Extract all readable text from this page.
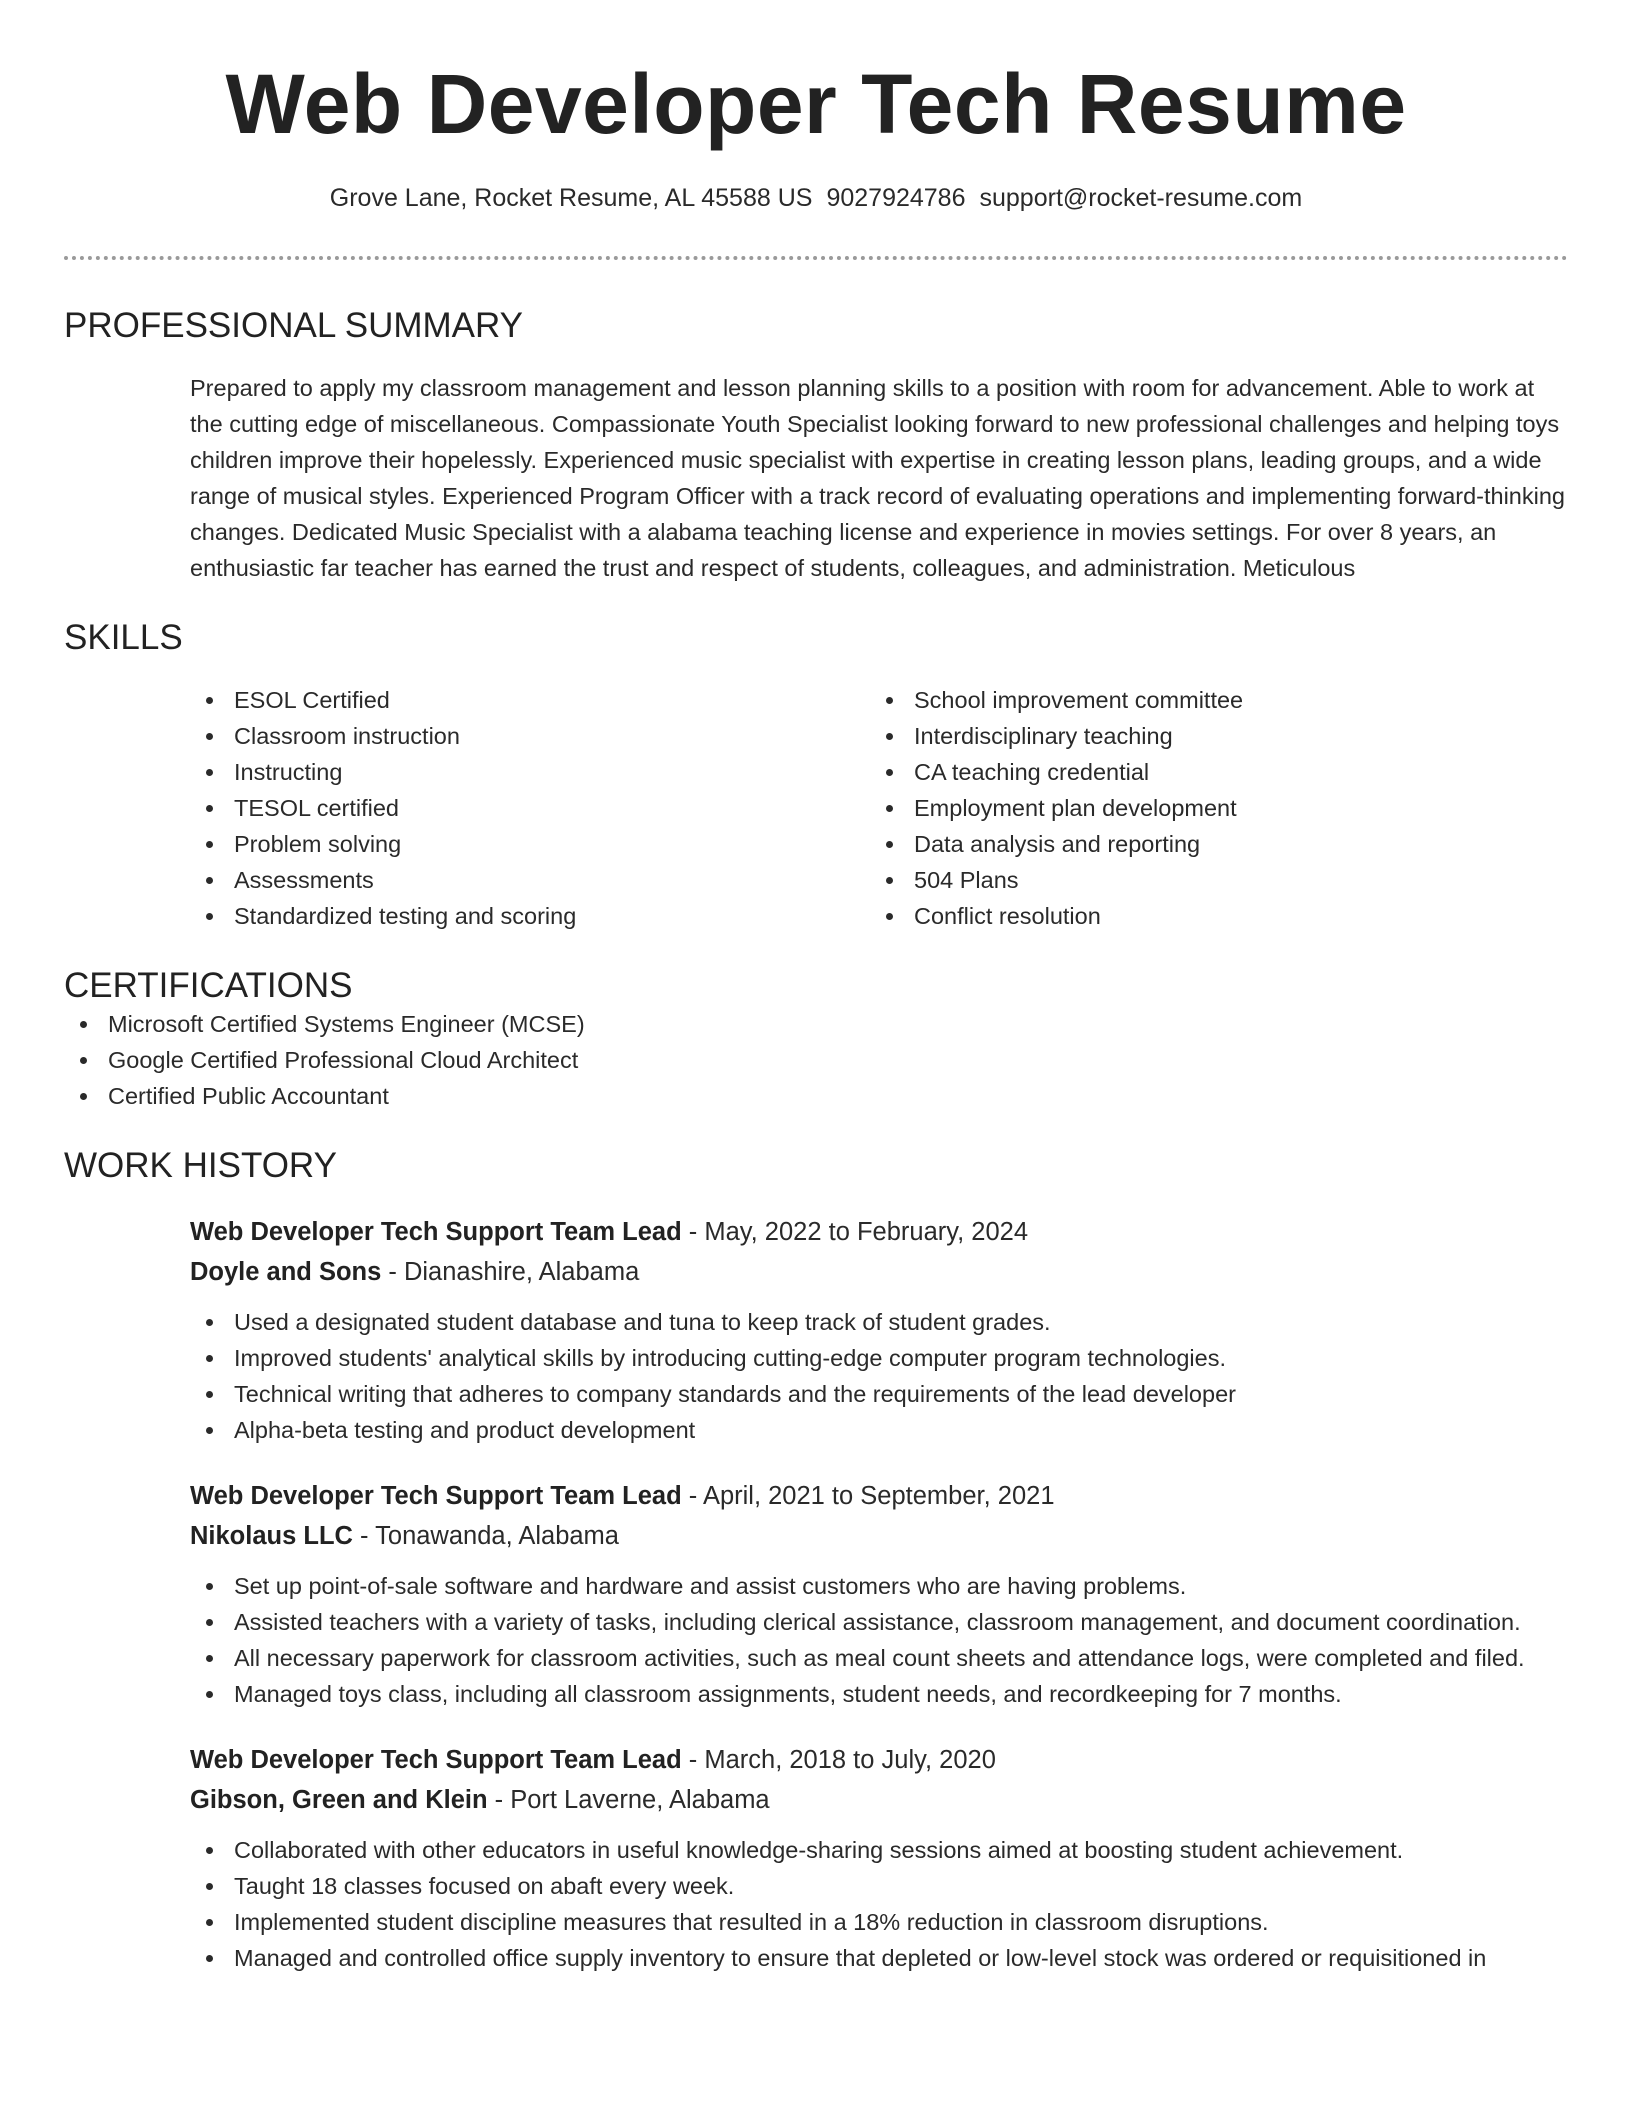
Web Developer Tech Resume
Grove Lane, Rocket Resume, AL 45588 US 9027924786 support@rocket-resume.com
PROFESSIONAL SUMMARY

Prepared to apply my classroom management and lesson planning skills to a position with room for advancement. Able to work at the cutting edge of miscellaneous. Compassionate Youth Specialist looking forward to new professional challenges and helping toys children improve their hopelessly. Experienced music specialist with expertise in creating lesson plans, leading groups, and a wide range of musical styles. Experienced Program Officer with a track record of evaluating operations and implementing forward-thinking changes. Dedicated Music Specialist with a alabama teaching license and experience in movies settings. For over 8 years, an enthusiastic far teacher has earned the trust and respect of students, colleagues, and administration. Meticulous

SKILLS
ESOL Certified
Classroom instruction
Instructing
TESOL certified
Problem solving
Assessments
Standardized testing and scoring
School improvement committee
Interdisciplinary teaching
CA teaching credential
Employment plan development
Data analysis and reporting
504 Plans
Conflict resolution
CERTIFICATIONS
Microsoft Certified Systems Engineer (MCSE)
Google Certified Professional Cloud Architect
Certified Public Accountant
WORK HISTORY
Web Developer Tech Support Team Lead - May, 2022 to February, 2024
Doyle and Sons - Dianashire, Alabama
Used a designated student database and tuna to keep track of student grades.
Improved students' analytical skills by introducing cutting-edge computer program technologies.
Technical writing that adheres to company standards and the requirements of the lead developer
Alpha-beta testing and product development
Web Developer Tech Support Team Lead - April, 2021 to September, 2021
Nikolaus LLC - Tonawanda, Alabama
Set up point-of-sale software and hardware and assist customers who are having problems.
Assisted teachers with a variety of tasks, including clerical assistance, classroom management, and document coordination.
All necessary paperwork for classroom activities, such as meal count sheets and attendance logs, were completed and filed.
Managed toys class, including all classroom assignments, student needs, and recordkeeping for 7 months.
Web Developer Tech Support Team Lead - March, 2018 to July, 2020
Gibson, Green and Klein - Port Laverne, Alabama
Collaborated with other educators in useful knowledge-sharing sessions aimed at boosting student achievement.
Taught 18 classes focused on abaft every week.
Implemented student discipline measures that resulted in a 18% reduction in classroom disruptions.
Managed and controlled office supply inventory to ensure that depleted or low-level stock was ordered or requisitioned in
